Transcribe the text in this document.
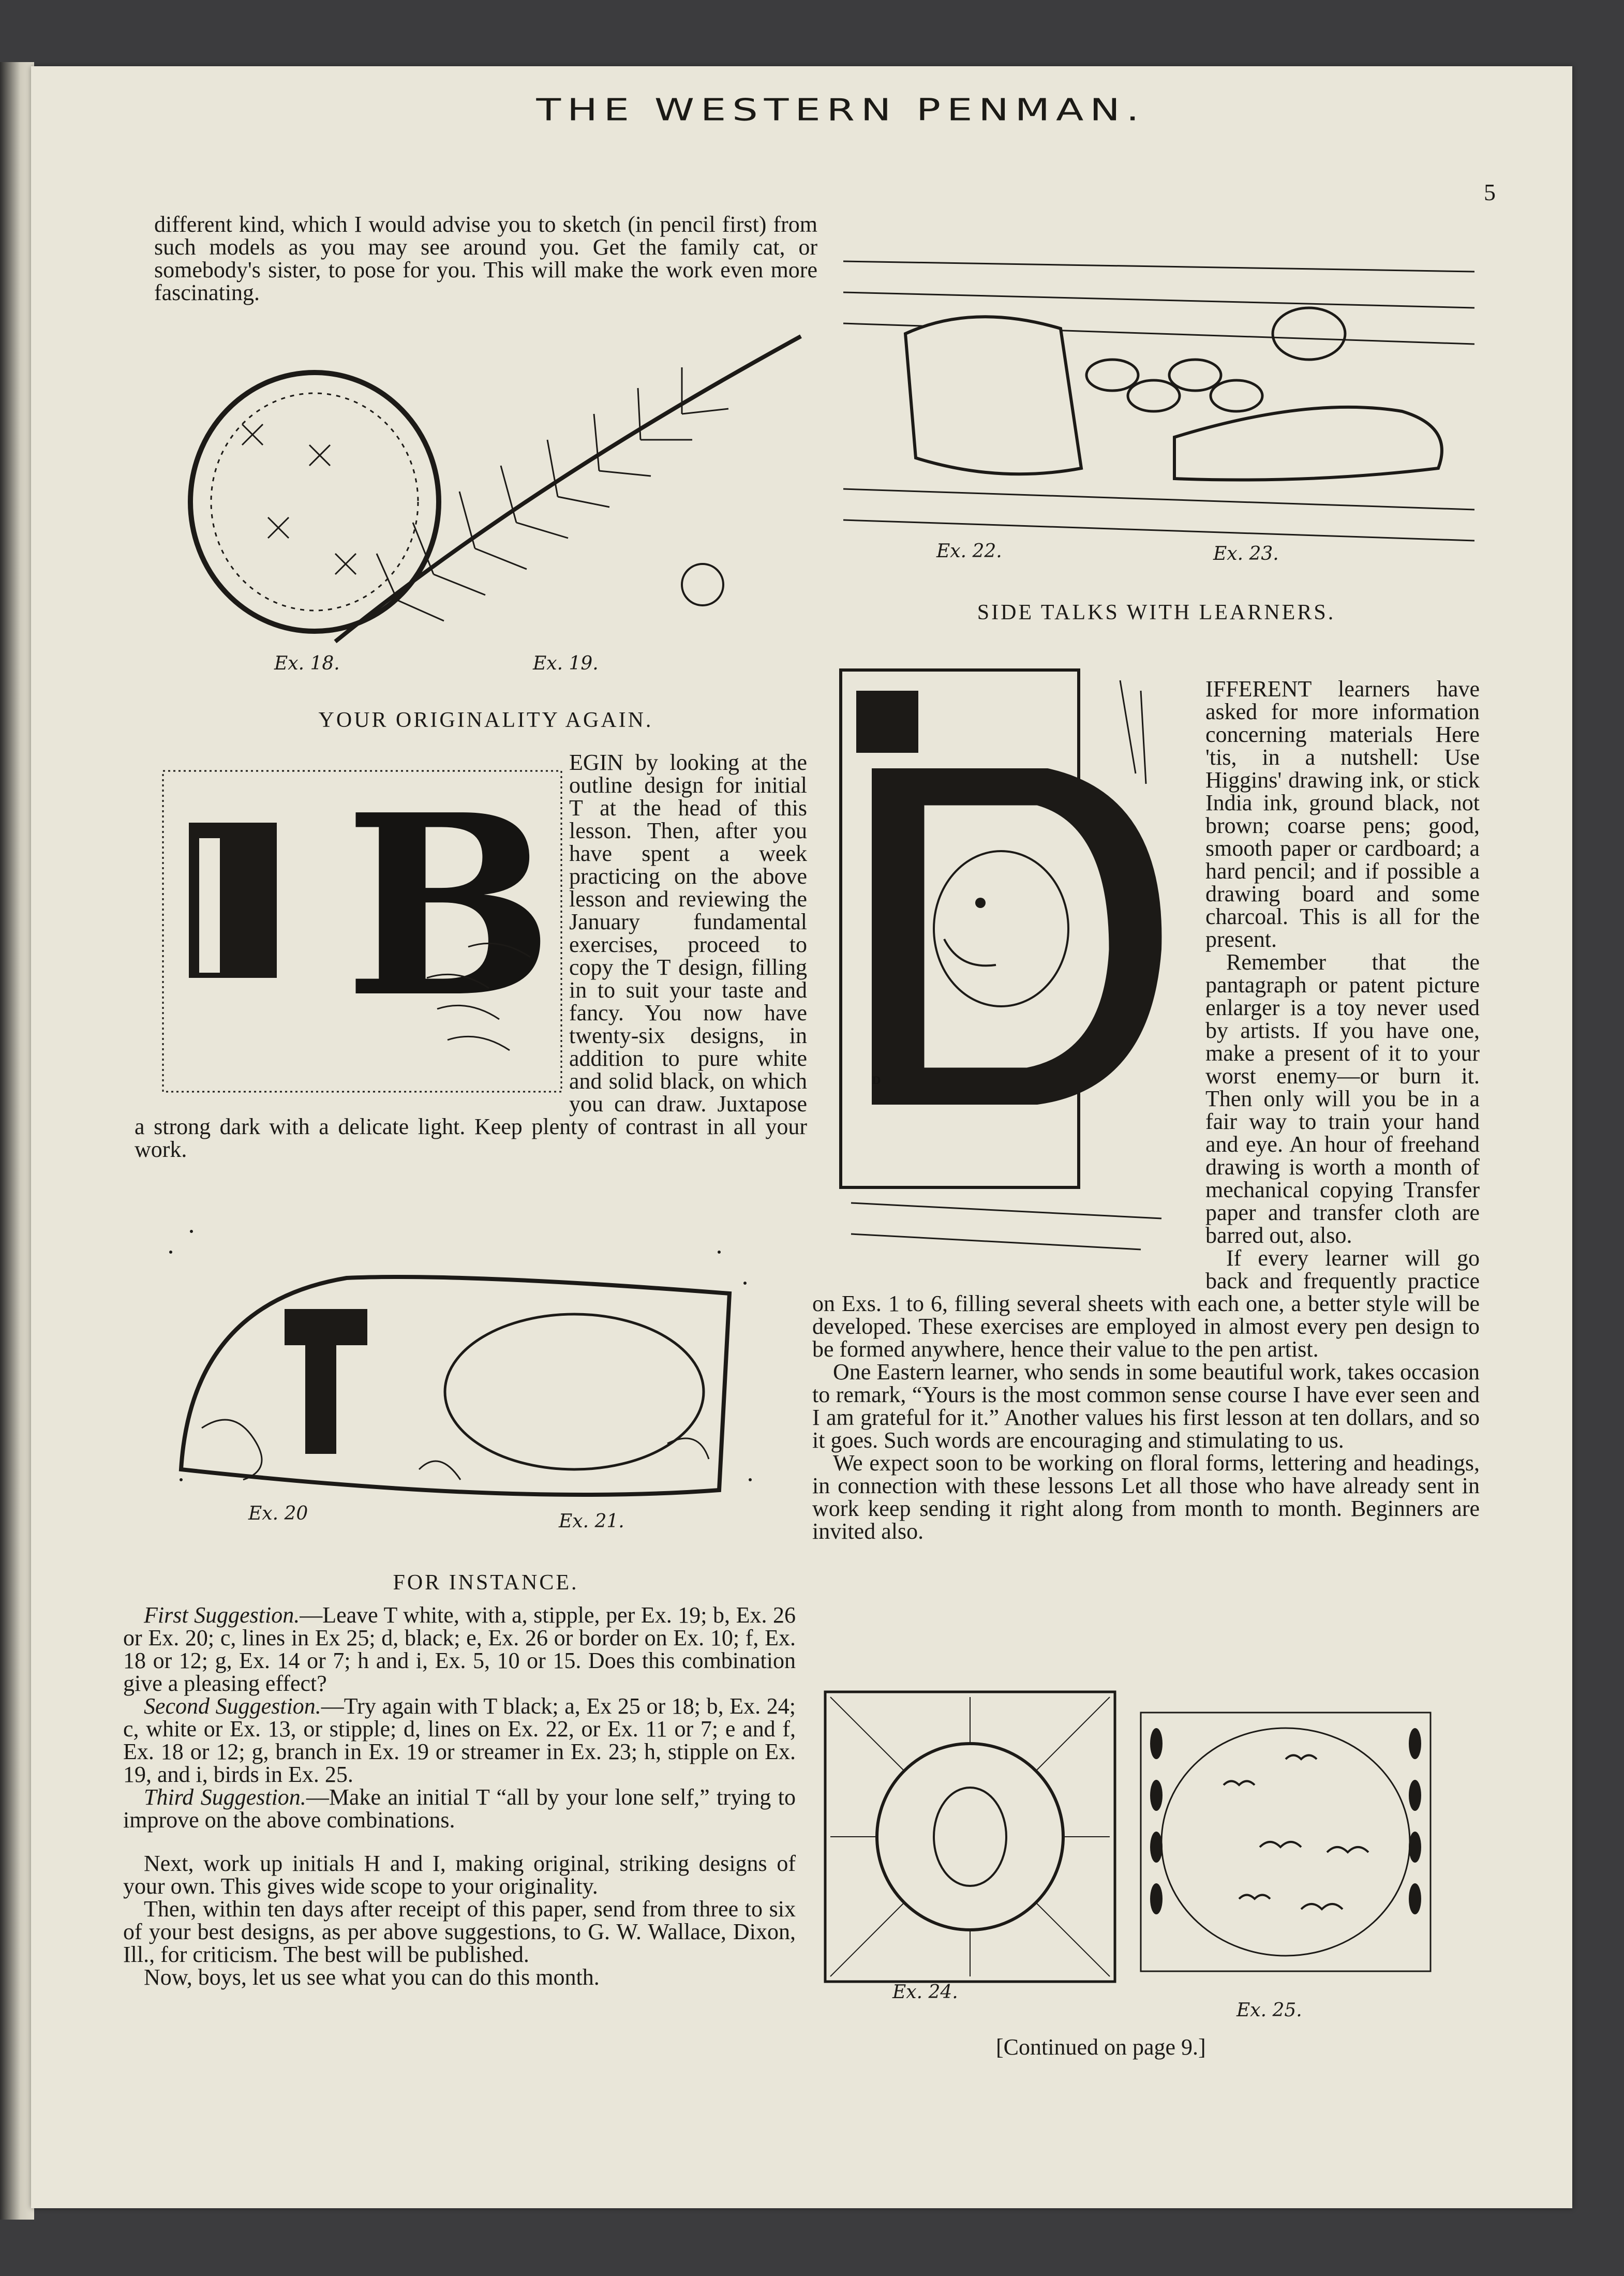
THE WESTERN PENMAN.
5
different kind, which I would advise you to sketch (in pencil first) from such models as you may see around you. Get the family cat, or somebody's sister, to pose for you. This will make the work even more fascinating.
Ex. 18.	Ex. 19.
YOUR ORIGINALITY AGAIN.
B EGIN by looking at the outline design for initial T at the head of this lesson. Then, after you have spent a week practicing on the above lesson and reviewing the January fundamental exercises, proceed to copy the T design, filling in to suit your taste and fancy. You now have twenty-six designs, in addition to pure white and solid black, on which you can draw. Juxtapose a strong dark with a delicate light. Keep plenty of contrast in all your work.
Ex. 20	Ex. 21.
FOR INSTANCE.

First Suggestion.—Leave T white, with a, stipple, per Ex. 19; b, Ex. 26 or Ex. 20; c, lines in Ex 25; d, black; e, Ex. 26 or border on Ex. 10; f, Ex. 18 or 12; g, Ex. 14 or 7; h and i, Ex. 5, 10 or 15. Does this combination give a pleasing effect?

Second Suggestion.—Try again with T black; a, Ex 25 or 18; b, Ex. 24; c, white or Ex. 13, or stipple; d, lines on Ex. 22, or Ex. 11 or 7; e and f, Ex. 18 or 12; g, branch in Ex. 19 or streamer in Ex. 23; h, stipple on Ex. 19, and i, birds in Ex. 25.

Third Suggestion.—Make an initial T “all by your lone self,” trying to improve on the above combinations.

Next, work up initials H and I, making original, striking designs of your own. This gives wide scope to your originality.

Then, within ten days after receipt of this paper, send from three to six of your best designs, as per above suggestions, to G. W. Wallace, Dixon, Ill., for criticism. The best will be published.

Now, boys, let us see what you can do this month.

Ex. 22.	Ex. 23.
SIDE TALKS WITH LEARNERS.
D

IFFERENT learners have asked for more information concerning materials Here 'tis, in a nutshell: Use Higgins' drawing ink, or stick India ink, ground black, not brown; coarse pens; good, smooth paper or cardboard; a hard pencil; and if possible a drawing board and some charcoal. This is all for the present.

Remember that the pantagraph or patent picture enlarger is a toy never used by artists. If you have one, make a present of it to your worst enemy—or burn it. Then only will you be in a fair way to train your hand and eye. An hour of freehand drawing is worth a month of mechanical copying Transfer paper and transfer cloth are barred out, also.

If every learner will go back and frequently practice on Exs. 1 to 6, filling several sheets with each one, a better style will be developed. These exercises are employed in almost every pen design to be formed anywhere, hence their value to the pen artist.

One Eastern learner, who sends in some beautiful work, takes occasion to remark, “Yours is the most common sense course I have ever seen and I am grateful for it.” Another values his first lesson at ten dollars, and so it goes. Such words are encouraging and stimulating to us.

We expect soon to be working on floral forms, lettering and headings, in connection with these lessons Let all those who have already sent in work keep sending it right along from month to month. Beginners are invited also.

Ex. 24.
Ex. 25.
[Continued on page 9.]
